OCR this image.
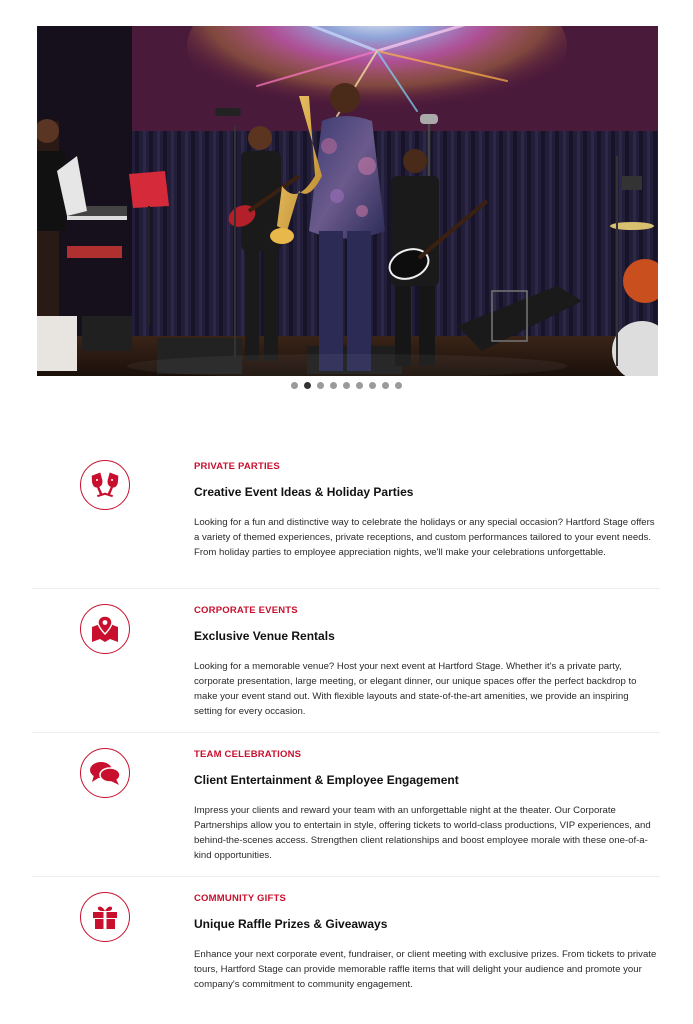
PRIVATE PARTIES
Creative Event Ideas & Holiday Parties
Looking for a fun and distinctive way to celebrate the holidays or any special occasion? Hartford Stage offers a variety of themed experiences, private receptions, and custom performances tailored to your event needs. From holiday parties to employee appreciation nights, we'll make your celebrations unforgettable.
CORPORATE EVENTS
Exclusive Venue Rentals
Looking for a memorable venue? Host your next event at Hartford Stage. Whether it's a private party, corporate presentation, large meeting, or elegant dinner, our unique spaces offer the perfect backdrop to make your event stand out. With flexible layouts and state-of-the-art amenities, we provide an inspiring setting for every occasion.
TEAM CELEBRATIONS
Client Entertainment & Employee Engagement
Impress your clients and reward your team with an unforgettable night at the theater. Our Corporate Partnerships allow you to entertain in style, offering tickets to world-class productions, VIP experiences, and behind-the-scenes access. Strengthen client relationships and boost employee morale with these one-of-a-kind opportunities.
COMMUNITY GIFTS
Unique Raffle Prizes & Giveaways
Enhance your next corporate event, fundraiser, or client meeting with exclusive prizes. From tickets to private tours, Hartford Stage can provide memorable raffle items that will delight your audience and promote your company's commitment to community engagement.
